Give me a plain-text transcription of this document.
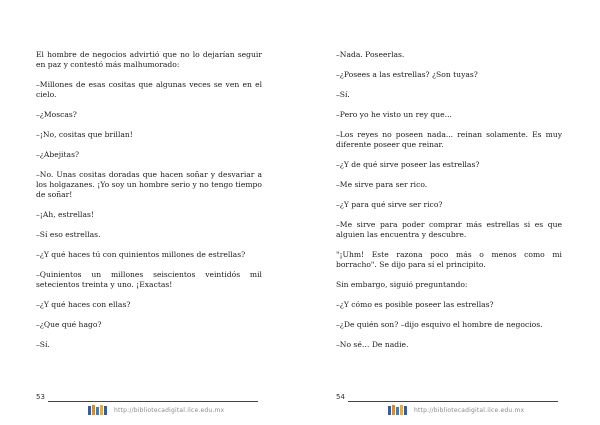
El hombre de negocios advirtió que no lo dejarían seguir en paz y contestó más malhumorado:

–Millones de esas cositas que algunas veces se ven en el cielo.

–¿Moscas?

–¡No, cositas que brillan!

–¿Abejitas?

–No. Unas cositas doradas que hacen soñar y desvariar a los holgazanes. ¡Yo soy un hombre serio y no tengo tiempo de soñar!

–¡Ah, estrellas!

–Sí eso estrellas.

–¿Y qué haces tú con quinientos millones de estrellas?

–Quinientos un millones seiscientos veintidós mil setecientos treinta y uno. ¡Exactas!

–¿Y qué haces con ellas?

–¿Que qué hago?

–Sí.

53
http://bibliotecadigital.ilce.edu.mx

–Nada. Poseerlas.

–¿Posees a las estrellas? ¿Son tuyas?

–Sí.

–Pero yo he visto un rey que...

–Los reyes no poseen nada... reinan solamente. Es muy diferente poseer que reinar.

–¿Y de qué sirve poseer las estrellas?

–Me sirve para ser rico.

–¿Y para qué sirve ser rico?

–Me sirve para poder comprar más estrellas si es que alguien las encuentra y descubre.

"¡Uhm! Este razona poco más o menos como mi borracho". Se dijo para sí el principito.

Sin embargo, siguió preguntando:

–¿Y cómo es posible poseer las estrellas?

–¿De quién son? –dijo esquivo el hombre de negocios.

–No sé… De nadie.

54
http://bibliotecadigital.ilce.edu.mx
